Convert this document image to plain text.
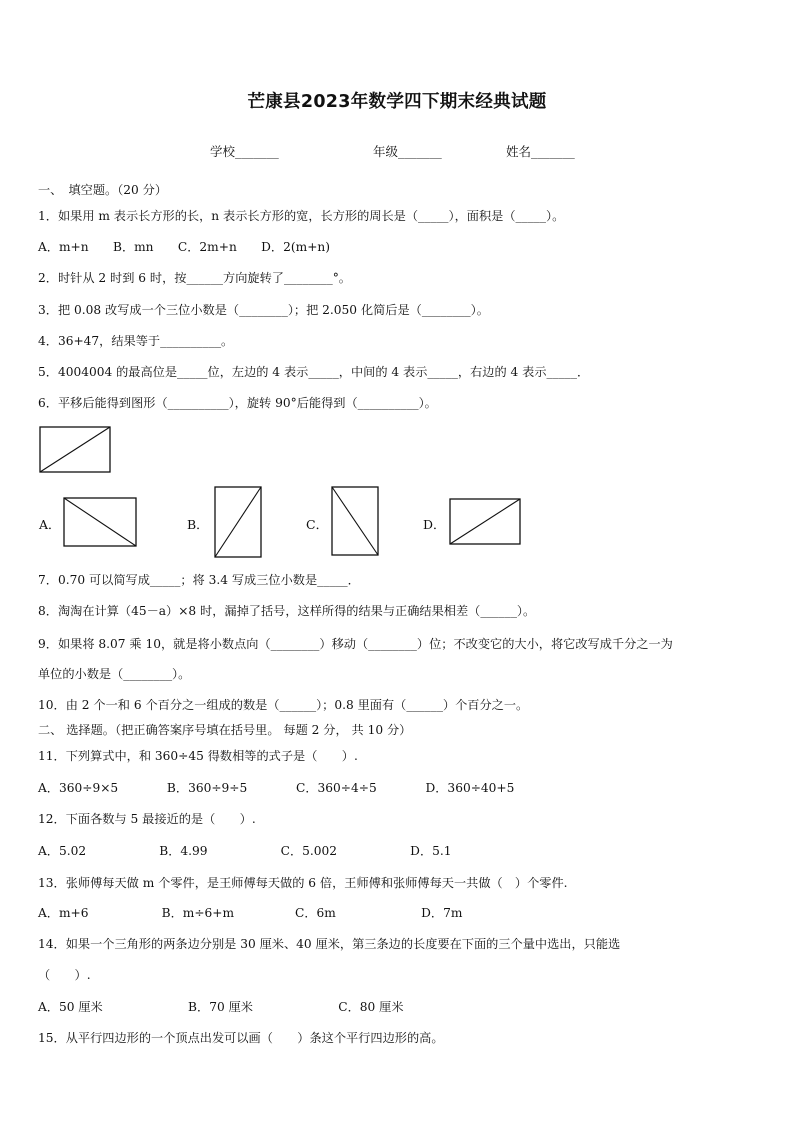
芒康县2023年数学四下期末经典试题
学校_______	年级_______	姓名_______
一、　填空题。（20 分）
1．如果用 m 表示长方形的长，n 表示长方形的宽，长方形的周长是（_____），面积是（_____）。
A．m+n　　B．mn　　C．2m+n　　D．2(m+n)
2．时针从 2 时到 6 时，按______方向旋转了________°。
3．把 0.08 改写成一个三位小数是（________）；把 2.050 化简后是（________）。
4．36+47，结果等于__________。
5．4004004 的最高位是_____位，左边的 4 表示_____，中间的 4 表示_____，右边的 4 表示_____．
6．平移后能得到图形（__________），旋转 90°后能得到（__________）。
A．	B．	C．	D．
7．0.70 可以简写成_____；将 3.4 写成三位小数是_____．
8．淘淘在计算（45－a）×8 时，漏掉了括号，这样所得的结果与正确结果相差（______）。
9．如果将 8.07 乘 10，就是将小数点向（________）移动（________）位；不改变它的大小，将它改写成千分之一为
单位的小数是（________）。
10．由 2 个一和 6 个百分之一组成的数是（______）；0.8 里面有（______）个百分之一。
二、 选择题。（把正确答案序号填在括号里。 每题 2 分， 共 10 分）
11．下列算式中，和 360÷45 得数相等的式子是（　　）.
A．360÷9×5　　　　B．360÷9÷5　　　　C．360÷4÷5　　　　D．360÷40+5
12．下面各数与 5 最接近的是（　　）.
A．5.02　　　　　　B．4.99　　　　　　C．5.002　　　　　　D．5.1
13．张师傅每天做 m 个零件，是王师傅每天做的 6 倍，王师傅和张师傅每天一共做（　）个零件.
A．m+6　　　　　　B．m÷6+m　　　　　C．6m　　　　　　　D．7m
14．如果一个三角形的两条边分别是 30 厘米、40 厘米，第三条边的长度要在下面的三个量中选出，只能选
（　　）.
A．50 厘米　　　　　　　B．70 厘米　　　　　　　C．80 厘米
15．从平行四边形的一个顶点出发可以画（　　）条这个平行四边形的高。
